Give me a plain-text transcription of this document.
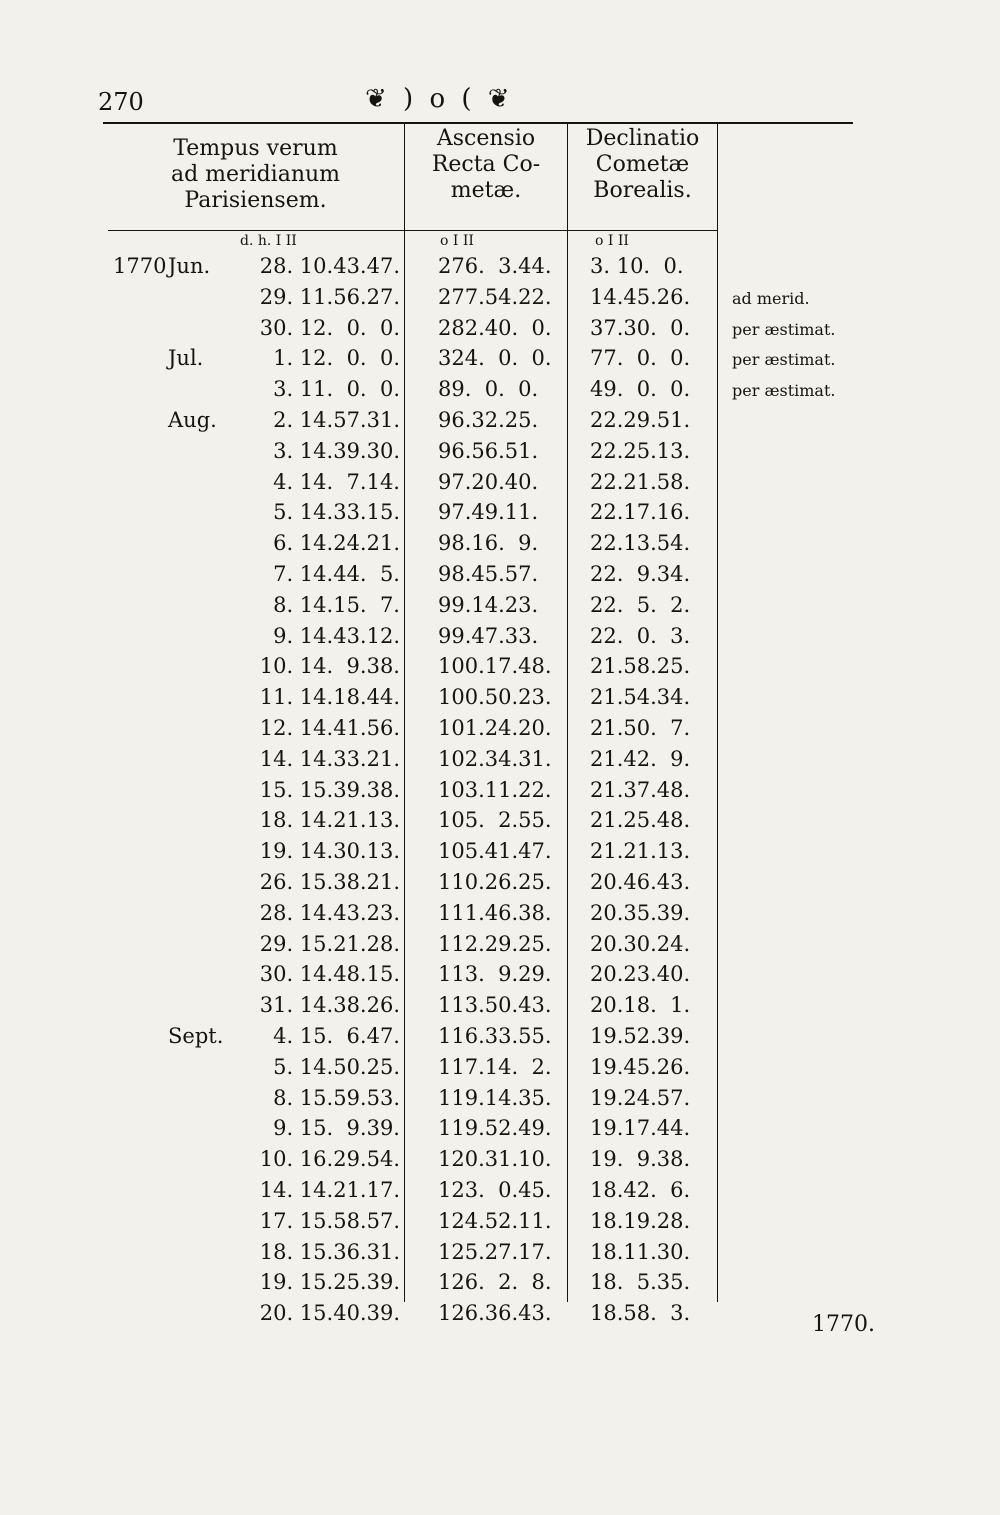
270	❦ ) o ( ❦
Tempus verum
ad meridianum
Parisiensem.
Ascensio
Recta Co-
metæ.
Declinatio
Cometæ
Borealis.
d. h. I II	o I II	o I II
1770 Jun.	28. 10.43.47. 276.  3.44. 3. 10.  0.
29. 11.56.27. 277.54.22. 14.45.26.	ad merid.
30. 12.  0.  0. 282.40.  0. 37.30.  0.	per æstimat.
Jul.	1. 12.  0.  0. 324.  0.  0. 77.  0.  0.	per æstimat.
3. 11.  0.  0. 89.  0.  0. 49.  0.  0.	per æstimat.
Aug.	2. 14.57.31. 96.32.25. 22.29.51.
3. 14.39.30. 96.56.51. 22.25.13.
4. 14.  7.14. 97.20.40. 22.21.58.
5. 14.33.15. 97.49.11. 22.17.16.
6. 14.24.21. 98.16.  9. 22.13.54.
7. 14.44.  5. 98.45.57. 22.  9.34.
8. 14.15.  7. 99.14.23. 22.  5.  2.
9. 14.43.12. 99.47.33. 22.  0.  3.
10. 14.  9.38. 100.17.48. 21.58.25.
11. 14.18.44. 100.50.23. 21.54.34.
12. 14.41.56. 101.24.20. 21.50.  7.
14. 14.33.21. 102.34.31. 21.42.  9.
15. 15.39.38. 103.11.22. 21.37.48.
18. 14.21.13. 105.  2.55. 21.25.48.
19. 14.30.13. 105.41.47. 21.21.13.
26. 15.38.21. 110.26.25. 20.46.43.
28. 14.43.23. 111.46.38. 20.35.39.
29. 15.21.28. 112.29.25. 20.30.24.
30. 14.48.15. 113.  9.29. 20.23.40.
31. 14.38.26. 113.50.43. 20.18.  1.
Sept.	4. 15.  6.47. 116.33.55. 19.52.39.
5. 14.50.25. 117.14.  2. 19.45.26.
8. 15.59.53. 119.14.35. 19.24.57.
9. 15.  9.39. 119.52.49. 19.17.44.
10. 16.29.54. 120.31.10. 19.  9.38.
14. 14.21.17. 123.  0.45. 18.42.  6.
17. 15.58.57. 124.52.11. 18.19.28.
18. 15.36.31. 125.27.17. 18.11.30.
19. 15.25.39. 126.  2.  8. 18.  5.35.
20. 15.40.39. 126.36.43. 18.58.  3.	1770.
